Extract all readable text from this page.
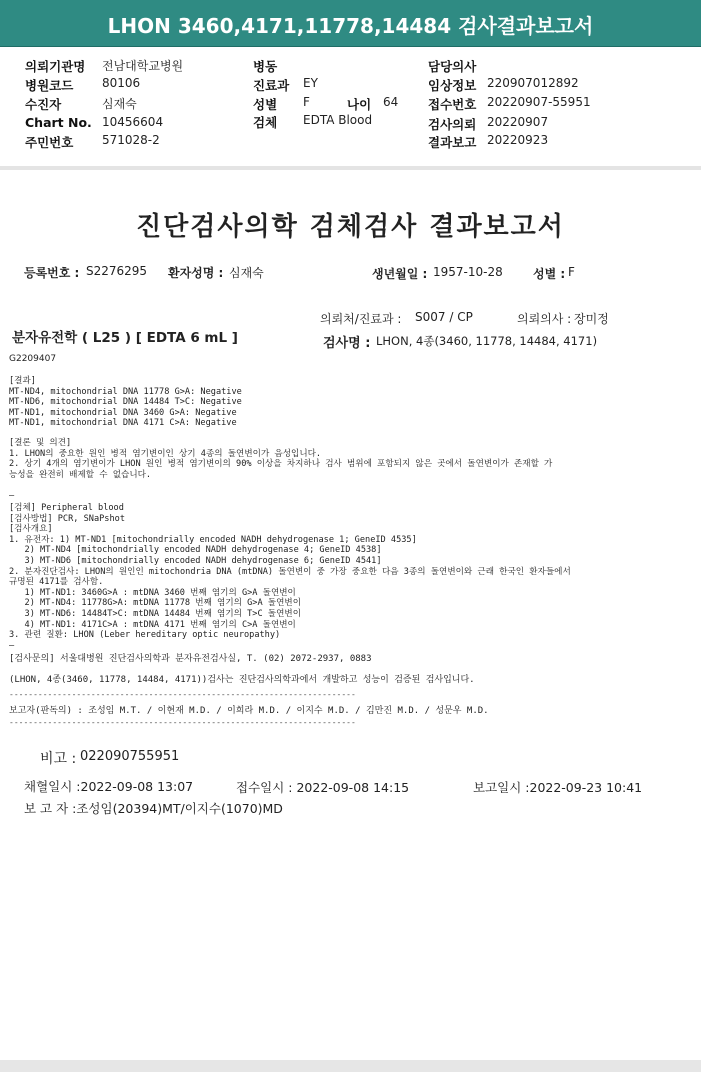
LHON 3460,4171,11778,14484 검사결과보고서
의뢰기관명 전남대학교병원
병원코드 80106
수진자	심재숙
Chart No. 10456604
주민번호 571028-2
병동
진료과 EY
성별 F	나이 64
검체 EDTA Blood
담당의사
임상정보 220907012892
접수번호 20220907-55951
검사의뢰 20220907
결과보고 20220923
진단검사의학 검체검사 결과보고서
등록번호 : S2276295 환자성명 : 심재숙	생년월일 : 1957-10-28	성별 : F
의뢰처/진료과 : S007 / CP	의뢰의사 : 장미정
분자유전학 ( L25 ) [ EDTA 6 mL ]	검사명 : LHON, 4종(3460, 11778, 14484, 4171)
G2209407
[결과]
MT-ND4, mitochondrial DNA 11778 G>A: Negative
MT-ND6, mitochondrial DNA 14484 T>C: Negative
MT-ND1, mitochondrial DNA 3460 G>A: Negative
MT-ND1, mitochondrial DNA 4171 C>A: Negative
[결론 및 의견]
1. LHON의 중요한 원인 병적 염기변이인 상기 4종의 돌연변이가 음성입니다.
2. 상기 4개의 염기변이가 LHON 원인 병적 염기변이의 90% 이상을 차지하나 검사 범위에 포함되지 않은 곳에서 돌연변이가 존재할 가
능성을 완전히 배제할 수 없습니다.

—
[검체] Peripheral blood
[검사방법] PCR, SNaPshot
[검사개요]
1. 유전자: 1) MT-ND1 [mitochondrially encoded NADH dehydrogenase 1; GeneID 4535]
2) MT-ND4 [mitochondrially encoded NADH dehydrogenase 4; GeneID 4538]
3) MT-ND6 [mitochondrially encoded NADH dehydrogenase 6; GeneID 4541]
2. 분자진단검사: LHON의 원인인 mitochondria DNA (mtDNA) 돌연변이 중 가장 중요한 다음 3종의 돌연변이와 근래 한국인 환자들에서
규명된 4171를 검사함.
1) MT-ND1: 3460G>A : mtDNA 3460 번째 염기의 G>A 돌연변이
2) MT-ND4: 11778G>A: mtDNA 11778 번째 염기의 G>A 돌연변이
3) MT-ND6: 14484T>C: mtDNA 14484 번째 염기의 T>C 돌연변이
4) MT-ND1: 4171C>A : mtDNA 4171 번째 염기의 C>A 돌연변이
3. 관련 질환: LHON (Leber hereditary optic neuropathy)
—
[검사문의] 서울대병원 진단검사의학과 분자유전검사실, T. (02) 2072-2937, 0883
(LHON, 4종(3460, 11778, 14484, 4171))검사는 진단검사의학과에서 개발하고 성능이 검증된 검사입니다.
------------------------------------------------------------------------
보고자(판독의) : 조성임 M.T. / 이현재 M.D. / 이희라 M.D. / 이지수 M.D. / 김만진 M.D. / 성문우 M.D.
------------------------------------------------------------------------
비고 : 022090755951
채혈일시 :2022-09-08 13:07	접수일시 : 2022-09-08 14:15	보고일시 :2022-09-23 10:41
보 고 자 :조성임(20394)MT/이지수(1070)MD
